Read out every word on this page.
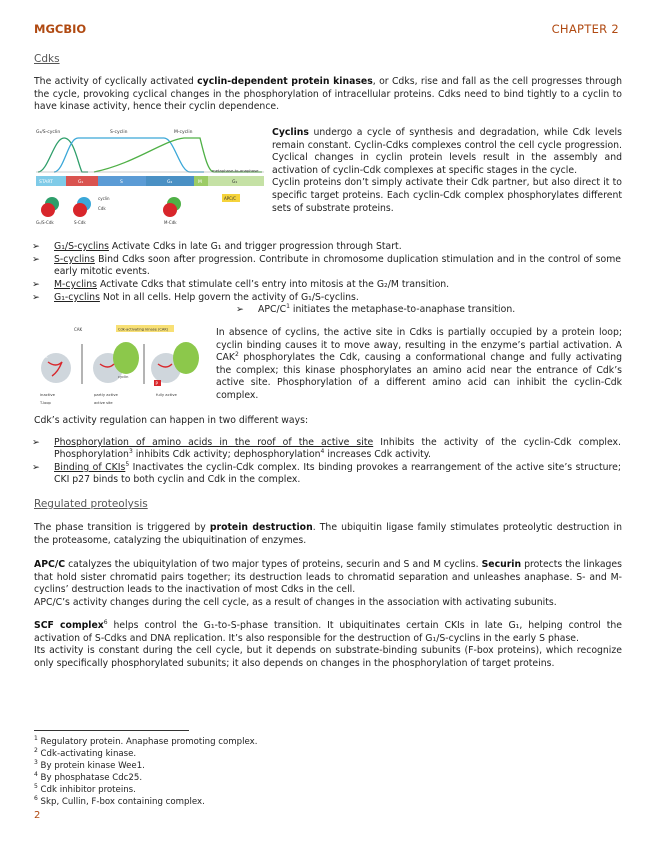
MGCBIO	CHAPTER 2
Cdks
The activity of cyclically activated cyclin-dependent protein kinases, or Cdks, rise and fall as the cell progresses through the cycle, provoking cyclical changes in the phosphorylation of intracellular proteins. Cdks need to bind tightly to a cyclin to have kinase activity, hence their cyclin dependence.
G₁/S-cyclin	S-cyclin	M-cyclin
START	G₁	S	G₂	M	G₁
metaphase-to-anaphase
cyclin
Cdk
G₁/S-Cdk	S-Cdk	M-Cdk
APC/C
Cyclins undergo a cycle of synthesis and degradation, while Cdk levels remain constant. Cyclin-Cdks complexes control the cell cycle progression. Cyclical changes in cyclin protein levels result in the assembly and activation of cyclin-Cdk complexes at specific stages in the cycle.
Cyclin proteins don’t simply activate their Cdk partner, but also direct it to specific target proteins. Each cyclin-Cdk complex phosphorylates different sets of substrate proteins.
➢ G₁/S-cyclins Activate Cdks in late G₁ and trigger progression through Start.
➢ S-cyclins Bind Cdks soon after progression. Contribute in chromosome duplication stimulation and in the control of some early mitotic events.
➢ M-cyclins Activate Cdks that stimulate cell’s entry into mitosis at the G₂/M transition.
➢ G₁-cyclins Not in all cells. Help govern the activity of G₁/S-cyclins.
➢ APC/$C^1$ initiates the metaphase-to-anaphase transition.
CAK	Cdk-activating kinase (CAK)
Cdk
inactive
cyclin
partly active
P
fully active
T-loop	active site
In absence of cyclins, the active site in Cdks is partially occupied by a protein loop; cyclin binding causes it to move away, resulting in the enzyme’s partial activation. A CAK$^2$ phosphorylates the Cdk, causing a conformational change and fully activating the complex; this kinase phosphorylates an amino acid near the entrance of Cdk’s active site. Phosphorylation of a different amino acid can inhibit the cyclin-Cdk complex.
Cdk’s activity regulation can happen in two different ways:
➢ Phosphorylation of amino acids in the roof of the active site Inhibits the activity of the cyclin-Cdk complex. Phosphorylation$^3$ inhibits Cdk activity; dephosphorylation$^4$ increases Cdk activity.
➢ Binding of CKIs$^5$ Inactivates the cyclin-Cdk complex. Its binding provokes a rearrangement of the active site’s structure; CKI p27 binds to both cyclin and Cdk in the complex.
Regulated proteolysis
The phase transition is triggered by protein destruction. The ubiquitin ligase family stimulates proteolytic destruction in the proteasome, catalyzing the ubiquitination of enzymes.
APC/C catalyzes the ubiquitylation of two major types of proteins, securin and S and M cyclins. Securin protects the linkages that hold sister chromatid pairs together; its destruction leads to chromatid separation and unleashes anaphase. S- and M-cyclins’ destruction leads to the inactivation of most Cdks in the cell.
APC/C’s activity changes during the cell cycle, as a result of changes in the association with activating subunits.
SCF complex$^6$ helps control the G₁-to-S-phase transition. It ubiquitinates certain CKIs in late G₁, helping control the activation of S-Cdks and DNA replication. It’s also responsible for the destruction of G₁/S-cyclins in the early S phase.
Its activity is constant during the cell cycle, but it depends on substrate-binding subunits (F-box proteins), which recognize only specifically phosphorylated subunits; it also depends on changes in the phosphorylation of target proteins.
$^1$ Regulatory protein. Anaphase promoting complex.
$^2$ Cdk-activating kinase.
$^3$ By protein kinase Wee1.
$^4$ By phosphatase Cdc25.
$^5$ Cdk inhibitor proteins.
$^6$ Skp, Cullin, F-box containing complex.
2
